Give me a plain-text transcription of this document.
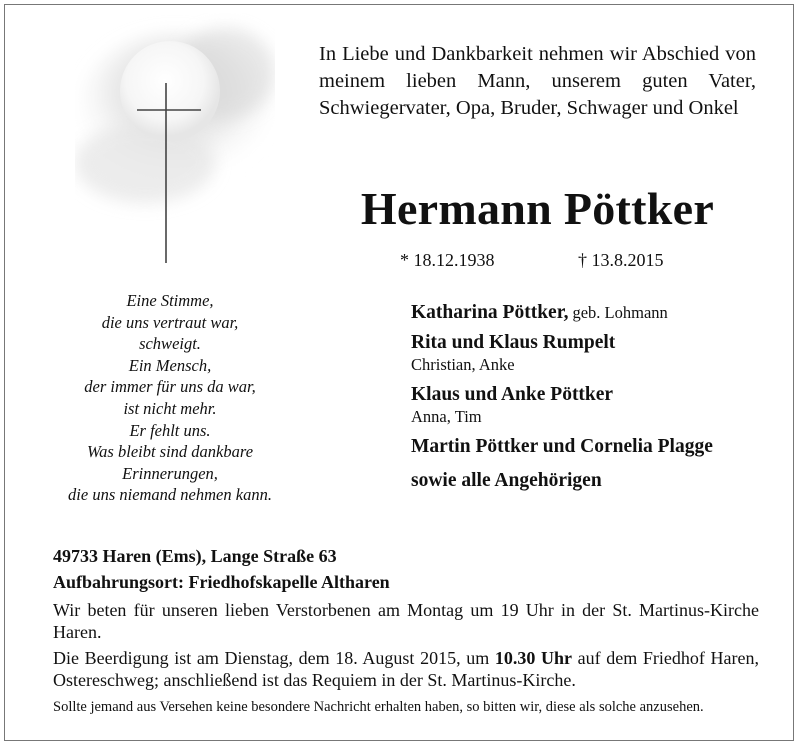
In Liebe und Dankbarkeit nehmen wir Abschied von meinem lieben Mann, unserem guten Vater, Schwiegervater, Opa, Bruder, Schwager und Onkel
Hermann Pöttker
* 18.12.1938	† 13.8.2015
Eine Stimme,
die uns vertraut war,
schweigt.
Ein Mensch,
der immer für uns da war,
ist nicht mehr.
Er fehlt uns.
Was bleibt sind dankbare
Erinnerungen,
die uns niemand nehmen kann.
Katharina Pöttker, geb. Lohmann
Rita und Klaus Rumpelt
Christian, Anke
Klaus und Anke Pöttker
Anna, Tim
Martin Pöttker und Cornelia Plagge
sowie alle Angehörigen
49733 Haren (Ems), Lange Straße 63
Aufbahrungsort: Friedhofskapelle Altharen
Wir beten für unseren lieben Verstorbenen am Montag um 19 Uhr in der St. Martinus-Kirche Haren.
Die Beerdigung ist am Dienstag, dem 18. August 2015, um 10.30 Uhr auf dem Friedhof Haren, Ostereschweg; anschließend ist das Requiem in der St. Martinus-Kirche.
Sollte jemand aus Versehen keine besondere Nachricht erhalten haben, so bitten wir, diese als solche anzusehen.
